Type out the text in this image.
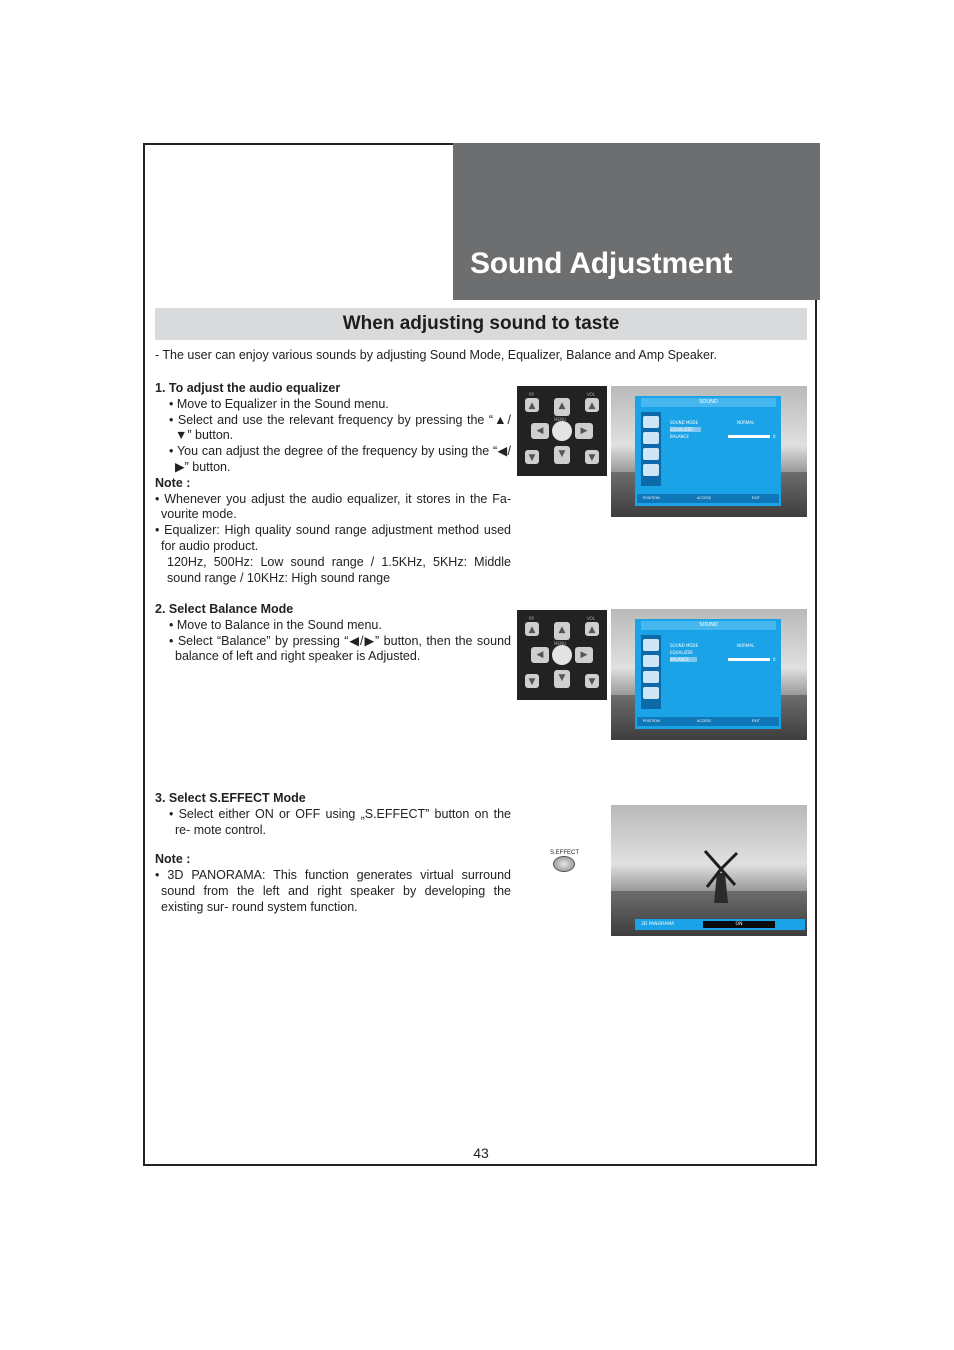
Sound Adjustment
When adjusting sound to taste

- The user can enjoy various sounds by adjusting Sound Mode, Equalizer, Balance and Amp Speaker.

1. To adjust the audio equalizer

• Move to Equalizer in the Sound menu.

• Select and use the relevant frequency by pressing the “▲/▼” button.

• You can adjust the degree of the frequency by using the “◀/▶” button.

Note :

• Whenever you adjust the audio equalizer, it stores in the Fa- vourite mode.

• Equalizer: High quality sound range adjustment method used for audio product.

120Hz, 500Hz: Low sound range / 1.5KHz, 5KHz: Middle sound range / 10KHz: High sound range

2. Select Balance Mode

• Move to Balance in the Sound menu.

• Select “Balance” by pressing “◀/▶” button, then the sound balance of left and right speaker is Adjusted.

3. Select S.EFFECT Mode

• Select either ON or OFF using „S.EFFECT” button on the re- mote control.

Note :

• 3D PANORAMA: This function generates virtual surround sound from the left and right speaker by developing the existing sur- round system function.

PR	VOL
▲
▼
◀	▶
▲	▲
▼	▼
MENU
SOUND
SOUND MODE
EQUALIZER
BALANCE
NORMAL
0
POSITION	ACCESS	EXIT
PR	VOL
▲
▼
◀	▶
▲	▲
▼	▼
MENU
SOUND
SOUND MODE
EQUALIZER
BALANCE
NORMAL
0
POSITION	ACCESS	EXIT
S.EFFECT
3D PANORAMA	ON
43
